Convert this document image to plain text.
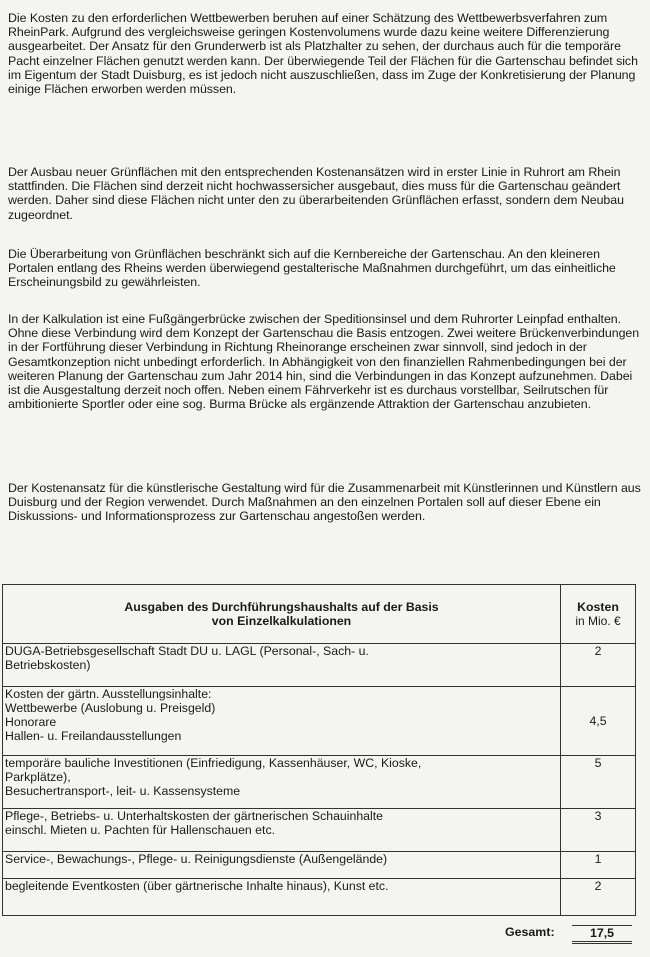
Die Kosten zu den erforderlichen Wettbewerben beruhen auf einer Schätzung des Wettbewerbsverfahren zum RheinPark. Aufgrund des vergleichsweise geringen Kostenvolumens wurde dazu keine weitere Differenzierung ausgearbeitet. Der Ansatz für den Grunderwerb ist als Platzhalter zu sehen, der durchaus auch für die temporäre Pacht einzelner Flächen genutzt werden kann. Der überwiegende Teil der Flächen für die Gartenschau befindet sich im Eigentum der Stadt Duisburg, es ist jedoch nicht auszuschließen, dass im Zuge der Konkretisierung der Planung einige Flächen erworben werden müssen.

Der Ausbau neuer Grünflächen mit den entsprechenden Kostenansätzen wird in erster Linie in Ruhrort am Rhein stattfinden. Die Flächen sind derzeit nicht hochwassersicher ausgebaut, dies muss für die Gartenschau geändert werden. Daher sind diese Flächen nicht unter den zu überarbeitenden Grünflächen erfasst, sondern dem Neubau zugeordnet.

Die Überarbeitung von Grünflächen beschränkt sich auf die Kernbereiche der Gartenschau. An den kleineren Portalen entlang des Rheins werden überwiegend gestalterische Maßnahmen durchgeführt, um das einheitliche Erscheinungsbild zu gewährleisten.

In der Kalkulation ist eine Fußgängerbrücke zwischen der Speditionsinsel und dem Ruhrorter Leinpfad enthalten. Ohne diese Verbindung wird dem Konzept der Gartenschau die Basis entzogen. Zwei weitere Brückenverbindungen in der Fortführung dieser Verbindung in Richtung Rheinorange erscheinen zwar sinnvoll, sind jedoch in der Gesamtkonzeption nicht unbedingt erforderlich. In Abhängigkeit von den finanziellen Rahmenbedingungen bei der weiteren Planung der Gartenschau zum Jahr 2014 hin, sind die Verbindungen in das Konzept aufzunehmen. Dabei ist die Ausgestaltung derzeit noch offen. Neben einem Fährverkehr ist es durchaus vorstellbar, Seilrutschen für ambitionierte Sportler oder eine sog. Burma Brücke als ergänzende Attraktion der Gartenschau anzubieten.

Der Kostenansatz für die künstlerische Gestaltung wird für die Zusammenarbeit mit Künstlerinnen und Künstlern aus Duisburg und der Region verwendet. Durch Maßnahmen an den einzelnen Portalen soll auf dieser Ebene ein Diskussions- und Informationsprozess zur Gartenschau angestoßen werden.

Ausgaben des Durchführungshaushalts auf der Basis
von Einzelkalkulationen	Kosten
in Mio. €

DUGA-Betriebsgesellschaft Stadt DU u. LAGL (Personal-, Sach- u.
Betriebskosten)	2

Kosten der gärtn. Ausstellungsinhalte:
Wettbewerbe (Auslobung u. Preisgeld)
Honorare
Hallen- u. Freilandausstellungen	4,5

temporäre bauliche Investitionen (Einfriedigung, Kassenhäuser, WC, Kioske,
Parkplätze),
Besuchertransport-, leit- u. Kassensysteme	5

Pflege-, Betriebs- u. Unterhaltskosten der gärtnerischen Schauinhalte
einschl. Mieten u. Pachten für Hallenschauen etc.	3

Service-, Bewachungs-, Pflege- u. Reinigungsdienste (Außengelände)	1

begleitende Eventkosten (über gärtnerische Inhalte hinaus), Kunst etc.	2
Gesamt:	17,5
